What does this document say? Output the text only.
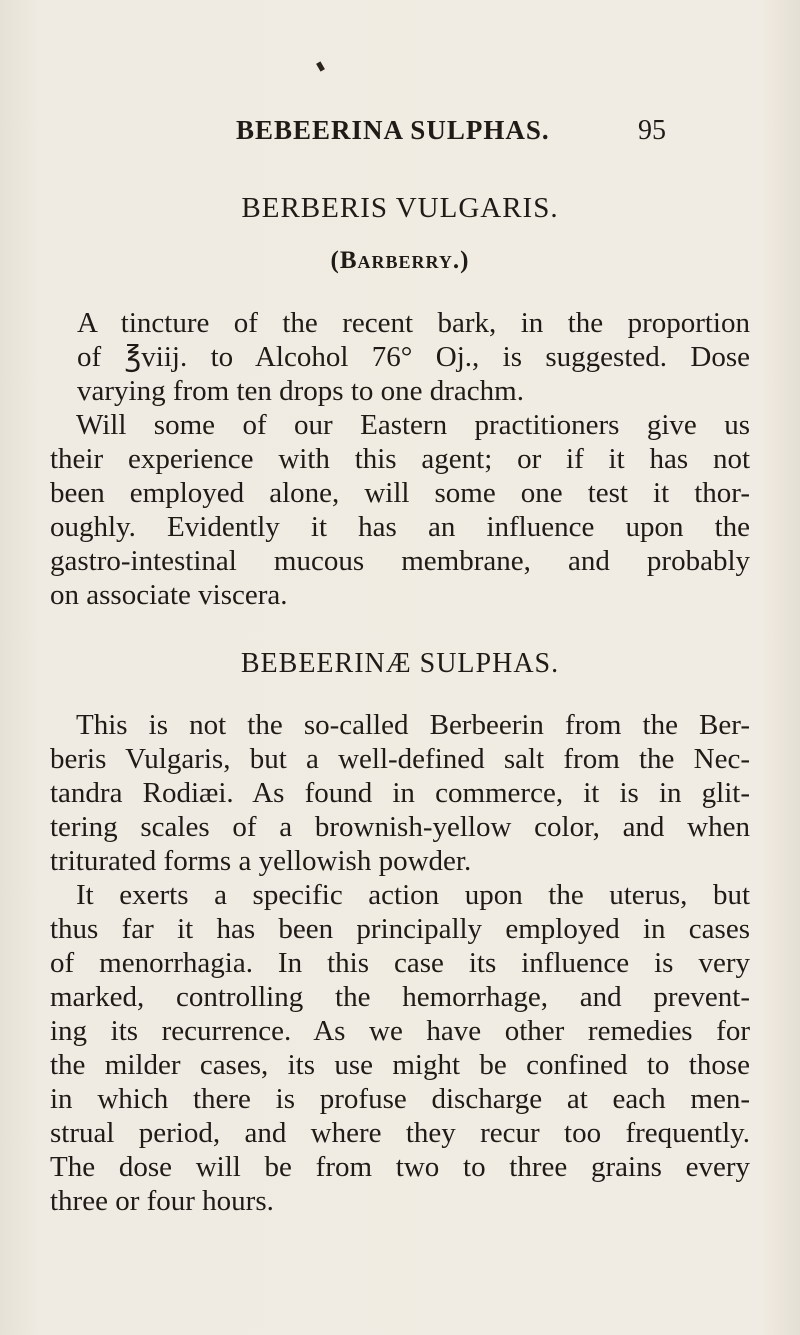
BEBEERINA SULPHAS.	95
BERBERIS VULGARIS.
(Barberry.)

A tincture of the recent bark, in the proportion
of ℥viij. to Alcohol 76° Oj., is suggested. Dose
varying from ten drops to one drachm.

Will some of our Eastern practitioners give us
their experience with this agent; or if it has not
been employed alone, will some one test it thor-
oughly. Evidently it has an influence upon the
gastro-intestinal mucous membrane, and probably
on associate viscera.

BEBEERINÆ SULPHAS.

This is not the so-called Berbeerin from the Ber-
beris Vulgaris, but a well-defined salt from the Nec-
tandra Rodiæi. As found in commerce, it is in glit-
tering scales of a brownish-yellow color, and when
triturated forms a yellowish powder.

It exerts a specific action upon the uterus, but
thus far it has been principally employed in cases
of menorrhagia. In this case its influence is very
marked, controlling the hemorrhage, and prevent-
ing its recurrence. As we have other remedies for
the milder cases, its use might be confined to those
in which there is profuse discharge at each men-
strual period, and where they recur too frequently.
The dose will be from two to three grains every
three or four hours.
